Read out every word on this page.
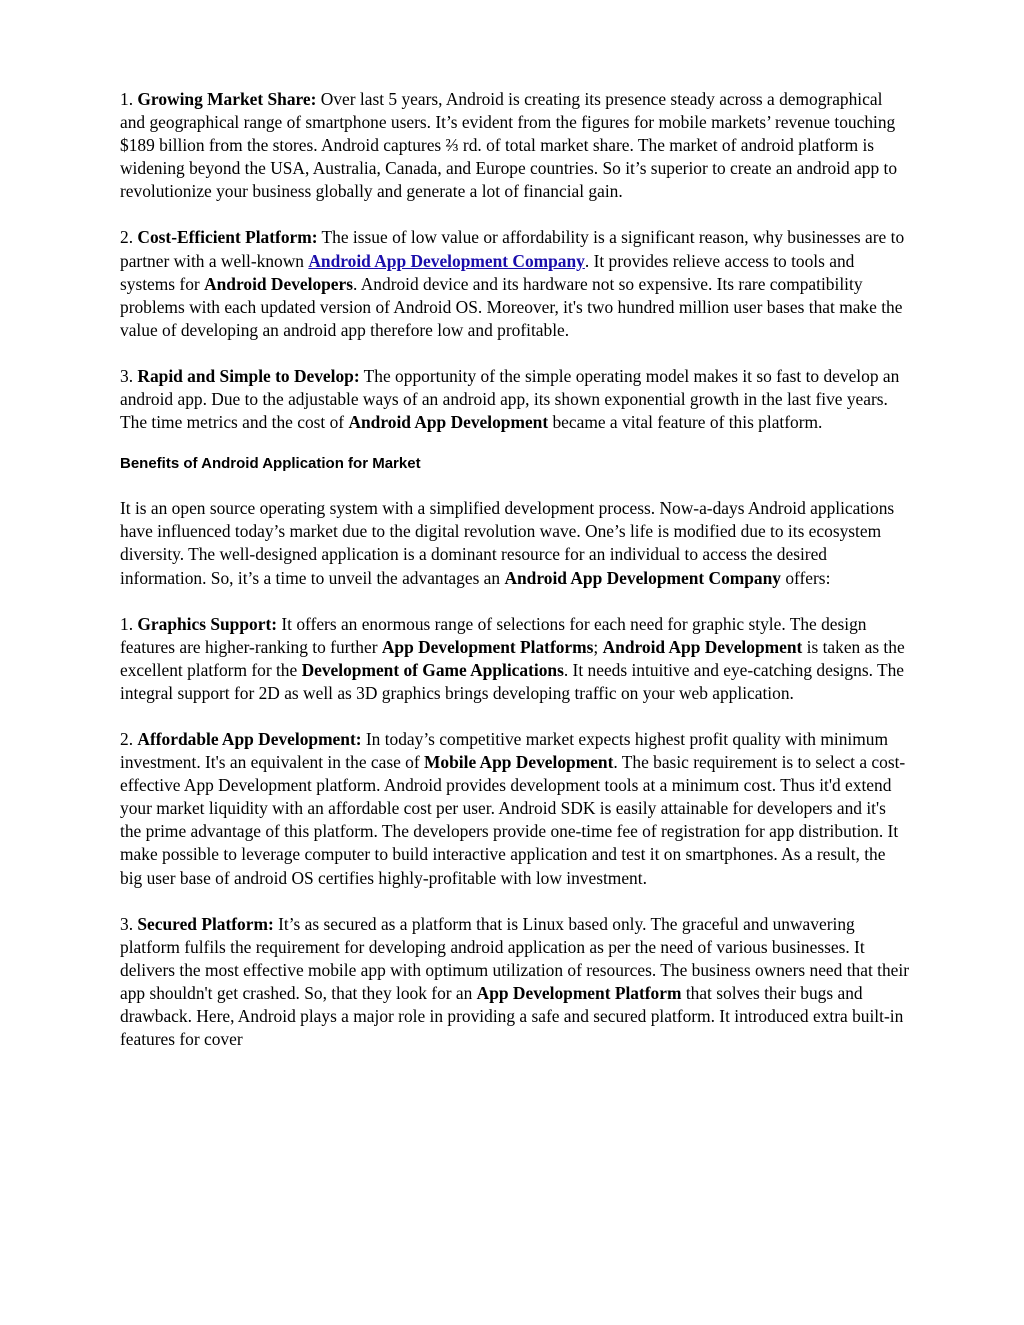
1. Growing Market Share: Over last 5 years, Android is creating its presence steady across a demographical and geographical range of smartphone users. It’s evident from the figures for mobile markets’ revenue touching $189 billion from the stores. Android captures ⅔ rd. of total market share. The market of android platform is widening beyond the USA, Australia, Canada, and Europe countries. So it’s superior to create an android app to revolutionize your business globally and generate a lot of financial gain.

2. Cost-Efficient Platform: The issue of low value or affordability is a significant reason, why businesses are to partner with a well-known Android App Development Company. It provides relieve access to tools and systems for Android Developers. Android device and its hardware not so expensive. Its rare compatibility problems with each updated version of Android OS. Moreover, it's two hundred million user bases that make the value of developing an android app therefore low and profitable.

3. Rapid and Simple to Develop: The opportunity of the simple operating model makes it so fast to develop an android app. Due to the adjustable ways of an android app, its shown exponential growth in the last five years. The time metrics and the cost of Android App Development became a vital feature of this platform.

Benefits of Android Application for Market

It is an open source operating system with a simplified development process. Now-a-days Android applications have influenced today’s market due to the digital revolution wave. One’s life is modified due to its ecosystem diversity. The well-designed application is a dominant resource for an individual to access the desired information. So, it’s a time to unveil the advantages an Android App Development Company offers:

1. Graphics Support: It offers an enormous range of selections for each need for graphic style. The design features are higher-ranking to further App Development Platforms; Android App Development is taken as the excellent platform for the Development of Game Applications. It needs intuitive and eye-catching designs. The integral support for 2D as well as 3D graphics brings developing traffic on your web application.

2. Affordable App Development: In today’s competitive market expects highest profit quality with minimum investment. It's an equivalent in the case of Mobile App Development. The basic requirement is to select a cost-effective App Development platform. Android provides development tools at a minimum cost. Thus it'd extend your market liquidity with an affordable cost per user. Android SDK is easily attainable for developers and it's the prime advantage of this platform. The developers provide one-time fee of registration for app distribution. It make possible to leverage computer to build interactive application and test it on smartphones. As a result, the big user base of android OS certifies highly-profitable with low investment.

3. Secured Platform: It’s as secured as a platform that is Linux based only. The graceful and unwavering platform fulfils the requirement for developing android application as per the need of various businesses. It delivers the most effective mobile app with optimum utilization of resources. The business owners need that their app shouldn't get crashed. So, that they look for an App Development Platform that solves their bugs and drawback. Here, Android plays a major role in providing a safe and secured platform. It introduced extra built-in features for cover
